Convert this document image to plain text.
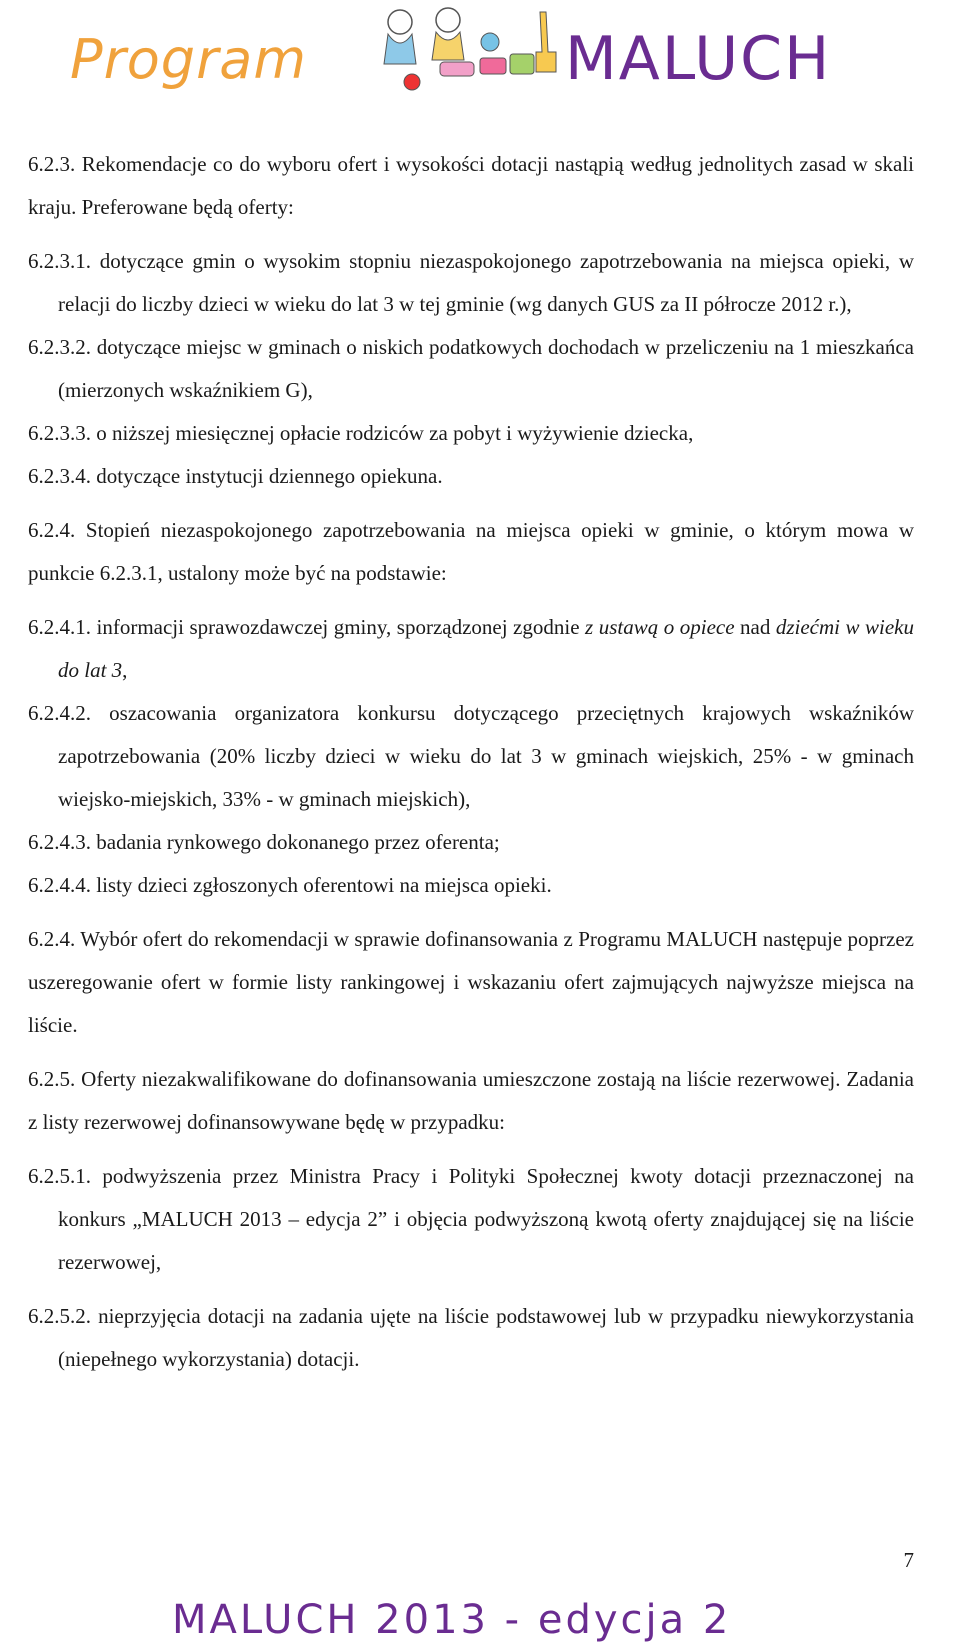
Program	MALUCH

6.2.3. Rekomendacje co do wyboru ofert i wysokości dotacji nastąpią według jednolitych zasad w skali kraju. Preferowane będą oferty:

6.2.3.1. dotyczące gmin o wysokim stopniu niezaspokojonego zapotrzebowania na miejsca opieki, w relacji do liczby dzieci w wieku do lat 3 w tej gminie (wg danych GUS za II półrocze 2012 r.),

6.2.3.2. dotyczące miejsc w gminach o niskich podatkowych dochodach w przeliczeniu na 1 mieszkańca (mierzonych wskaźnikiem G),

6.2.3.3. o niższej miesięcznej opłacie rodziców za pobyt i wyżywienie dziecka,

6.2.3.4. dotyczące instytucji dziennego opiekuna.

6.2.4. Stopień niezaspokojonego zapotrzebowania na miejsca opieki w gminie, o którym mowa w punkcie 6.2.3.1, ustalony może być na podstawie:

6.2.4.1. informacji sprawozdawczej gminy, sporządzonej zgodnie z ustawą o opiece nad dziećmi w wieku do lat 3,

6.2.4.2. oszacowania organizatora konkursu dotyczącego przeciętnych krajowych wskaźników zapotrzebowania (20% liczby dzieci w wieku do lat 3 w gminach wiejskich, 25% - w gminach wiejsko-miejskich, 33% - w gminach miejskich),

6.2.4.3. badania rynkowego dokonanego przez oferenta;

6.2.4.4. listy dzieci zgłoszonych oferentowi na miejsca opieki.

6.2.4. Wybór ofert do rekomendacji w sprawie dofinansowania z Programu MALUCH następuje poprzez uszeregowanie ofert w formie listy rankingowej i wskazaniu ofert zajmujących najwyższe miejsca na liście.

6.2.5. Oferty niezakwalifikowane do dofinansowania umieszczone zostają na liście rezerwowej. Zadania z listy rezerwowej dofinansowywane będę w przypadku:

6.2.5.1. podwyższenia przez Ministra Pracy i Polityki Społecznej kwoty dotacji przeznaczonej na konkurs „MALUCH 2013 – edycja 2” i objęcia podwyższoną kwotą oferty znajdującej się na liście rezerwowej,

6.2.5.2. nieprzyjęcia dotacji na zadania ujęte na liście podstawowej lub w przypadku niewykorzystania (niepełnego wykorzystania) dotacji.

7
MALUCH 2013 - edycja 2
